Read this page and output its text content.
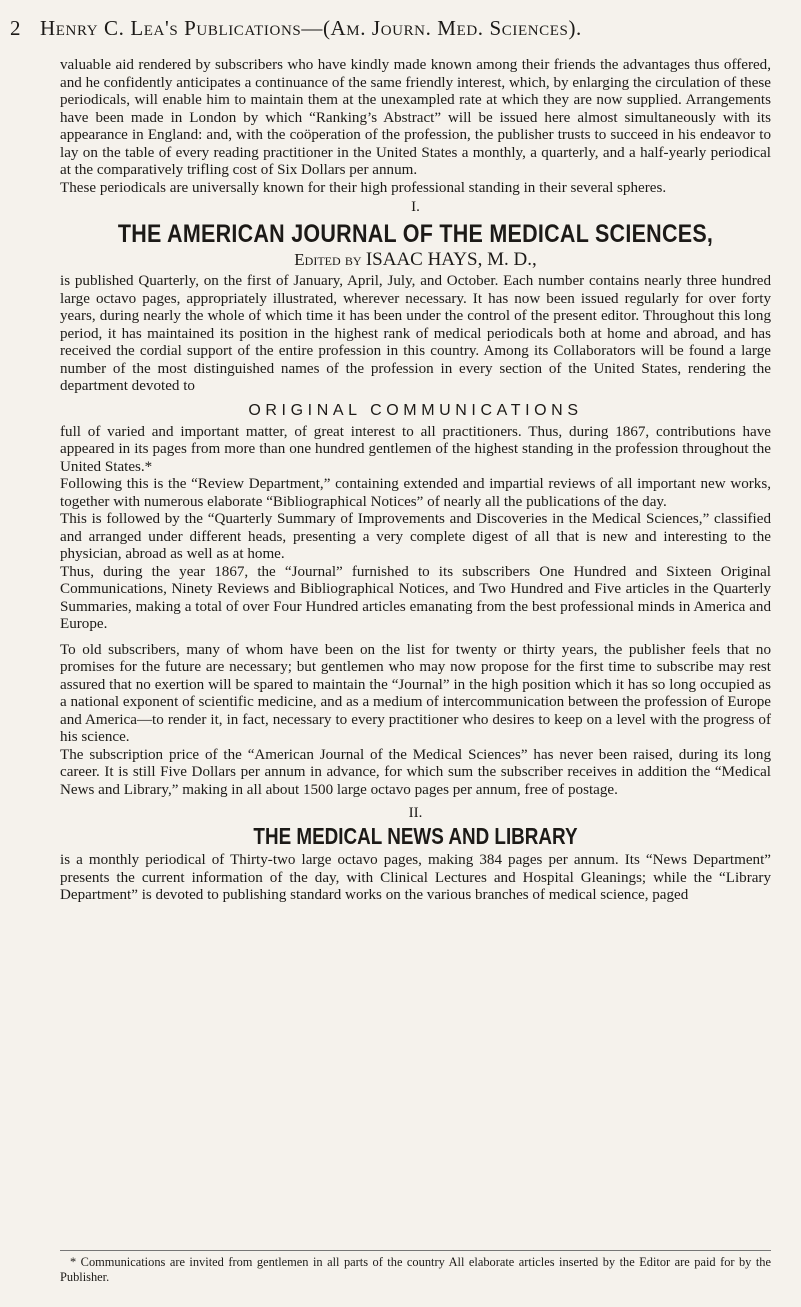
2 Henry C. Lea's Publications—(Am. Journ. Med. Sciences).

valuable aid rendered by subscribers who have kindly made known among their friends the advantages thus offered, and he confidently anticipates a continuance of the same friendly interest, which, by enlarging the circulation of these periodicals, will enable him to maintain them at the unexampled rate at which they are now supplied. Arrangements have been made in London by which “Ranking’s Abstract” will be issued here almost simultaneously with its appearance in England: and, with the coöperation of the profession, the publisher trusts to succeed in his endeavor to lay on the table of every reading practitioner in the United States a monthly, a quarterly, and a half-yearly periodical at the comparatively trifling cost of Six Dollars per annum.

These periodicals are universally known for their high professional standing in their several spheres.

I.
THE AMERICAN JOURNAL OF THE MEDICAL SCIENCES,
Edited by ISAAC HAYS, M. D.,

is published Quarterly, on the first of January, April, July, and October. Each number contains nearly three hundred large octavo pages, appropriately illustrated, wherever necessary. It has now been issued regularly for over forty years, during nearly the whole of which time it has been under the control of the present editor. Throughout this long period, it has maintained its position in the highest rank of medical periodicals both at home and abroad, and has received the cordial support of the entire profession in this country. Among its Collaborators will be found a large number of the most distinguished names of the profession in every section of the United States, rendering the department devoted to

ORIGINAL COMMUNICATIONS

full of varied and important matter, of great interest to all practitioners. Thus, during 1867, contributions have appeared in its pages from more than one hundred gentlemen of the highest standing in the profession throughout the United States.*

Following this is the “Review Department,” containing extended and impartial reviews of all important new works, together with numerous elaborate “Bibliographical Notices” of nearly all the publications of the day.

This is followed by the “Quarterly Summary of Improvements and Discoveries in the Medical Sciences,” classified and arranged under different heads, presenting a very complete digest of all that is new and interesting to the physician, abroad as well as at home.

Thus, during the year 1867, the “Journal” furnished to its subscribers One Hundred and Sixteen Original Communications, Ninety Reviews and Bibliographical Notices, and Two Hundred and Five articles in the Quarterly Summaries, making a total of over Four Hundred articles emanating from the best professional minds in America and Europe.

To old subscribers, many of whom have been on the list for twenty or thirty years, the publisher feels that no promises for the future are necessary; but gentlemen who may now propose for the first time to subscribe may rest assured that no exertion will be spared to maintain the “Journal” in the high position which it has so long occupied as a national exponent of scientific medicine, and as a medium of intercommunication between the profession of Europe and America—to render it, in fact, necessary to every practitioner who desires to keep on a level with the progress of his science.

The subscription price of the “American Journal of the Medical Sciences” has never been raised, during its long career. It is still Five Dollars per annum in advance, for which sum the subscriber receives in addition the “Medical News and Library,” making in all about 1500 large octavo pages per annum, free of postage.

II.
THE MEDICAL NEWS AND LIBRARY

is a monthly periodical of Thirty-two large octavo pages, making 384 pages per annum. Its “News Department” presents the current information of the day, with Clinical Lectures and Hospital Gleanings; while the “Library Department” is devoted to publishing standard works on the various branches of medical science, paged

* Communications are invited from gentlemen in all parts of the country All elaborate articles inserted by the Editor are paid for by the Publisher.
